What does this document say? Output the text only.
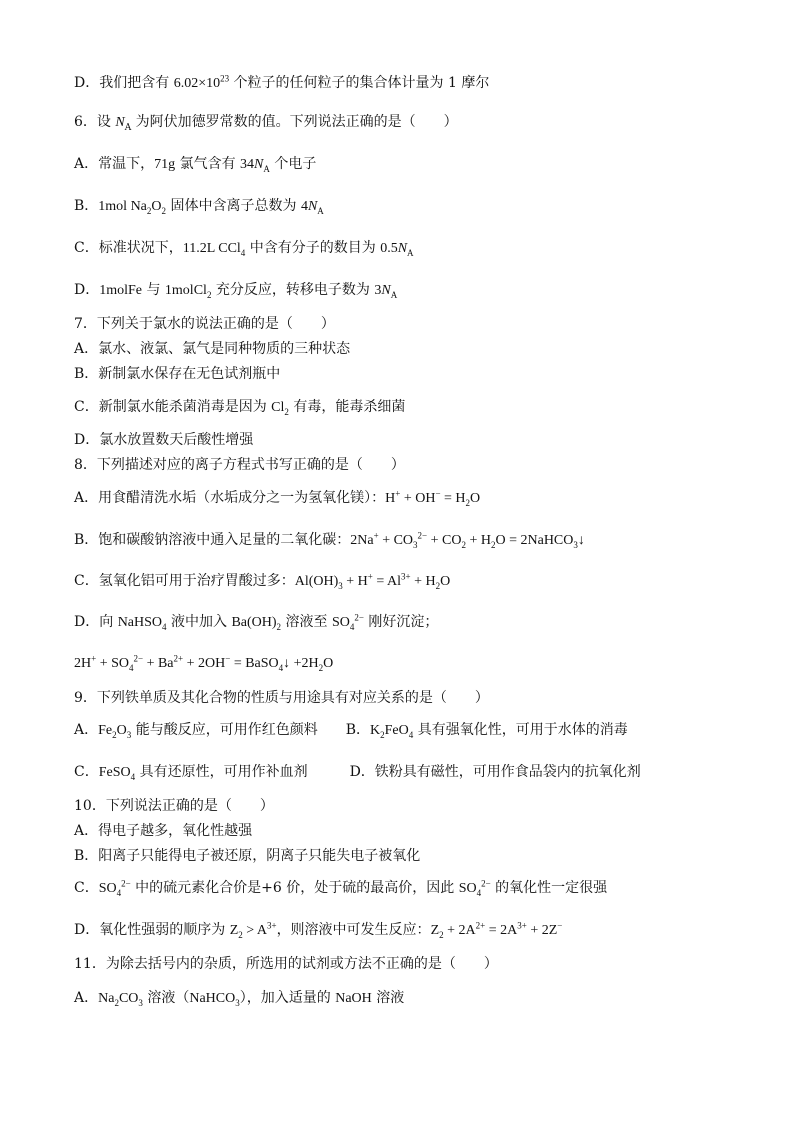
D．我们把含有 $6.02\times 10^{23}$ 个粒子的任何粒子的集合体计量为 1 摩尔
6．设 $N_A$ 为阿伏加德罗常数的值。下列说法正确的是（　　）
A．常温下，71g 氯气含有 $34N_A$ 个电子
B．1mol $Na_2O_2$ 固体中含离子总数为 $4N_A$
C．标准状况下，11.2L CCl$_4$ 中含有分子的数目为 $0.5N_A$
D．1molFe 与 1molCl$_2$ 充分反应，转移电子数为 $3N_A$
7．下列关于氯水的说法正确的是（　　）
A．氯水、液氯、氯气是同种物质的三种状态
B．新制氯水保存在无色试剂瓶中
C．新制氯水能杀菌消毒是因为 $Cl_2$ 有毒，能毒杀细菌
D．氯水放置数天后酸性增强
8．下列描述对应的离子方程式书写正确的是（　　）
A．用食醋清洗水垢（水垢成分之一为氢氧化镁）：$H^+ + OH^- = H_2O$
B．饱和碳酸钠溶液中通入足量的二氧化碳：$2Na^+ + CO_3^{2-} + CO_2 + H_2O$ = 2NaHCO$_3$↓
C．氢氧化铝可用于治疗胃酸过多：$Al(OH)_3 + H^+ = Al^{3+} + H_2O$
D．向 NaHSO$_4$ 液中加入 $Ba(OH)_2$ 溶液至 $SO_4^{2-}$ 刚好沉淀；
$2H^+ + SO_4^{2-} + Ba^{2+} + 2OH^-$ = BaSO$_4$↓ $+2H_2O$
9．下列铁单质及其化合物的性质与用途具有对应关系的是（　　）
A．$Fe_2O_3$ 能与酸反应，可用作红色颜料　　B．$K_2FeO_4$ 具有强氧化性，可用于水体的消毒
C．FeSO$_4$ 具有还原性，可用作补血剂　　　D．铁粉具有磁性，可用作食品袋内的抗氧化剂
10．下列说法正确的是（　　）
A．得电子越多，氧化性越强
B．阳离子只能得电子被还原，阴离子只能失电子被氧化
C．$SO_4^{2-}$ 中的硫元素化合价是+6 价，处于硫的最高价，因此 $SO_4^{2-}$ 的氧化性一定很强
D．氧化性强弱的顺序为 $Z_2 > A^{3+}$，则溶液中可发生反应：$Z_2 + 2A^{2+} = 2A^{3+} + 2Z^-$
11．为除去括号内的杂质，所选用的试剂或方法不正确的是（　　）
A．$Na_2CO_3$ 溶液（NaHCO$_3$），加入适量的 NaOH 溶液
